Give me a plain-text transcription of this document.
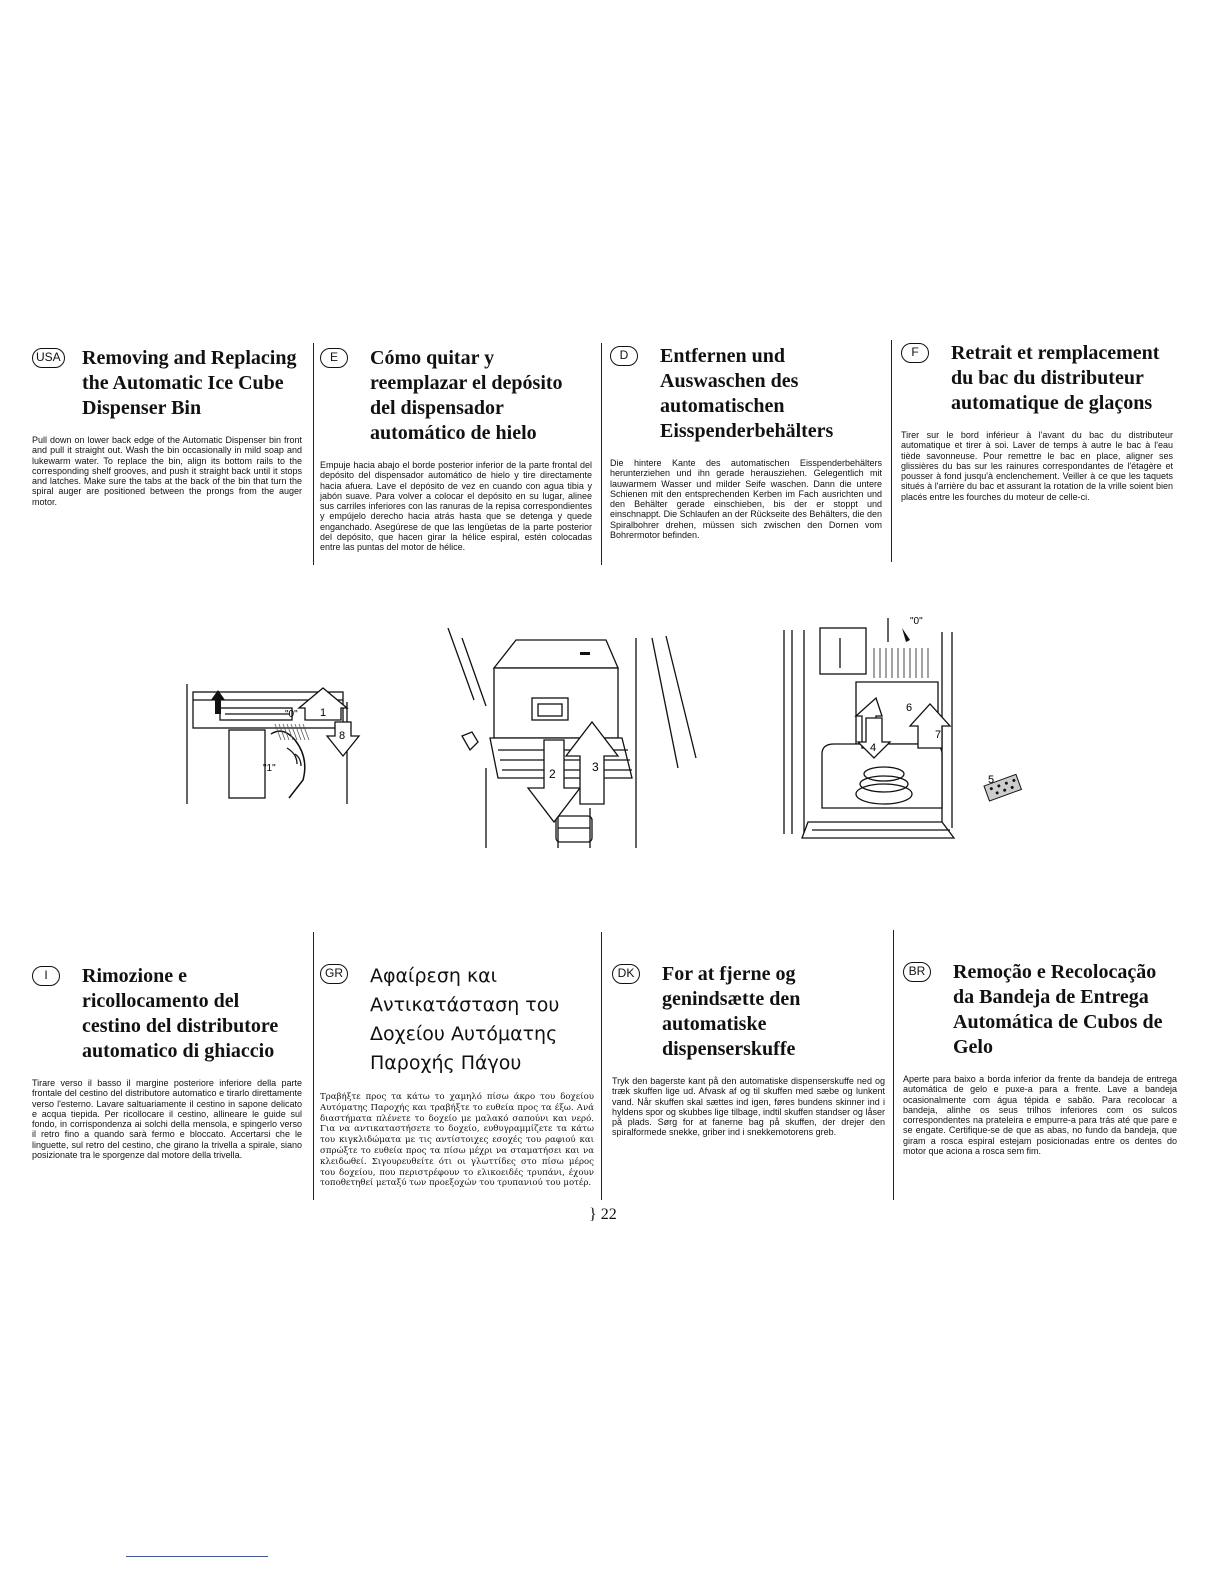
USA Removing and Replacing the Automatic Ice Cube Dispenser Bin
Pull down on lower back edge of the Automatic Dispenser bin front and pull it straight out. Wash the bin occasionally in mild soap and lukewarm water. To replace the bin, align its bottom rails to the corresponding shelf grooves, and push it straight back until it stops and latches. Make sure the tabs at the back of the bin that turn the spiral auger are positioned between the prongs from the auger motor.
E	Cómo quitar y reemplazar el depósito del dispensador automático de hielo
Empuje hacia abajo el borde posterior inferior de la parte frontal del depósito del dispensador automático de hielo y tire directamente hacia afuera. Lave el depósito de vez en cuando con agua tibia y jabón suave. Para volver a colocar el depósito en su lugar, alinee sus carriles inferiores con las ranuras de la repisa correspondientes y empújelo derecho hacia atrás hasta que se detenga y quede enganchado. Asegúrese de que las lengüetas de la parte posterior del depósito, que hacen girar la hélice espiral, estén colocadas entre las puntas del motor de hélice.
D	Entfernen und Auswaschen des automatischen Eisspenderbehälters
Die hintere Kante des automatischen Eisspenderbehälters herunterziehen und ihn gerade herausziehen. Gelegentlich mit lauwarmem Wasser und milder Seife waschen. Dann die untere Schienen mit den entsprechenden Kerben im Fach ausrichten und den Behälter gerade einschieben, bis der er stoppt und einschnappt. Die Schlaufen an der Rückseite des Behälters, die den Spiralbohrer drehen, müssen sich zwischen den Dornen vom Bohrermotor befinden.
F	Retrait et remplacement du bac du distributeur automatique de glaçons
Tirer sur le bord inférieur à l'avant du bac du distributeur automatique et tirer à soi. Laver de temps à autre le bac à l'eau tiède savonneuse. Pour remettre le bac en place, aligner ses glissières du bas sur les rainures correspondantes de l'étagère et pousser à fond jusqu'à enclenchement. Veiller à ce que les taquets situés à l'arrière du bac et assurant la rotation de la vrille soient bien placés entre les fourches du moteur de celle-ci.
"0"
"1"
1
8
2	3
"0"
6
4
7
5
I	Rimozione e ricollocamento del cestino del distributore automatico di ghiaccio
Tirare verso il basso il margine posteriore inferiore della parte frontale del cestino del distributore automatico e tirarlo direttamente verso l'esterno. Lavare saltuariamente il cestino in sapone delicato e acqua tiepida. Per ricollocare il cestino, allineare le guide sul fondo, in corrispondenza ai solchi della mensola, e spingerlo verso il retro fino a quando sarà fermo e bloccato. Accertarsi che le linguette, sul retro del cestino, che girano la trivella a spirale, siano posizionate tra le sporgenze dal motore della trivella.
GR Αφαίρεση και Αντικατάσταση του Δοχείου Αυτόματης Παροχής Πάγου
Τραβήξτε προς τα κάτω το χαμηλό πίσω άκρο του δοχείου Αυτόματης Παροχής και τραβήξτε το ευθεία προς τα έξω. Ανά διαστήματα πλένετε το δοχείο με μαλακό σαπούνι και νερό. Για να αντικαταστήσετε το δοχείο, ευθυγραμμίζετε τα κάτω του κιγκλιδώματα με τις αντίστοιχες εσοχές του ραφιού και σπρώξτε το ευθεία προς τα πίσω μέχρι να σταματήσει και να κλειδωθεί. Σιγουρευθείτε ότι οι γλωττίδες στο πίσω μέρος του δοχείου, που περιστρέφουν το ελικοειδές τρυπάνι, έχουν τοποθετηθεί μεταξύ των προεξοχών του τρυπανιού του μοτέρ.
DK For at fjerne og genindsætte den automatiske dispenserskuffe
Tryk den bagerste kant på den automatiske dispenserskuffe ned og træk skuffen lige ud. Afvask af og til skuffen med sæbe og lunkent vand. Når skuffen skal sættes ind igen, føres bundens skinner ind i hyldens spor og skubbes lige tilbage, indtil skuffen standser og låser på plads. Sørg for at fanerne bag på skuffen, der drejer den spiralformede snekke, griber ind i snekkemotorens greb.
BR Remoção e Recolocação da Bandeja de Entrega Automática de Cubos de Gelo
Aperte para baixo a borda inferior da frente da bandeja de entrega automática de gelo e puxe-a para a frente. Lave a bandeja ocasionalmente com água tépida e sabão. Para recolocar a bandeja, alinhe os seus trilhos inferiores com os sulcos correspondentes na prateleira e empurre-a para trás até que pare e se engate. Certifique-se de que as abas, no fundo da bandeja, que giram a rosca espiral estejam posicionadas entre os dentes do motor que aciona a rosca sem fim.
} 22
